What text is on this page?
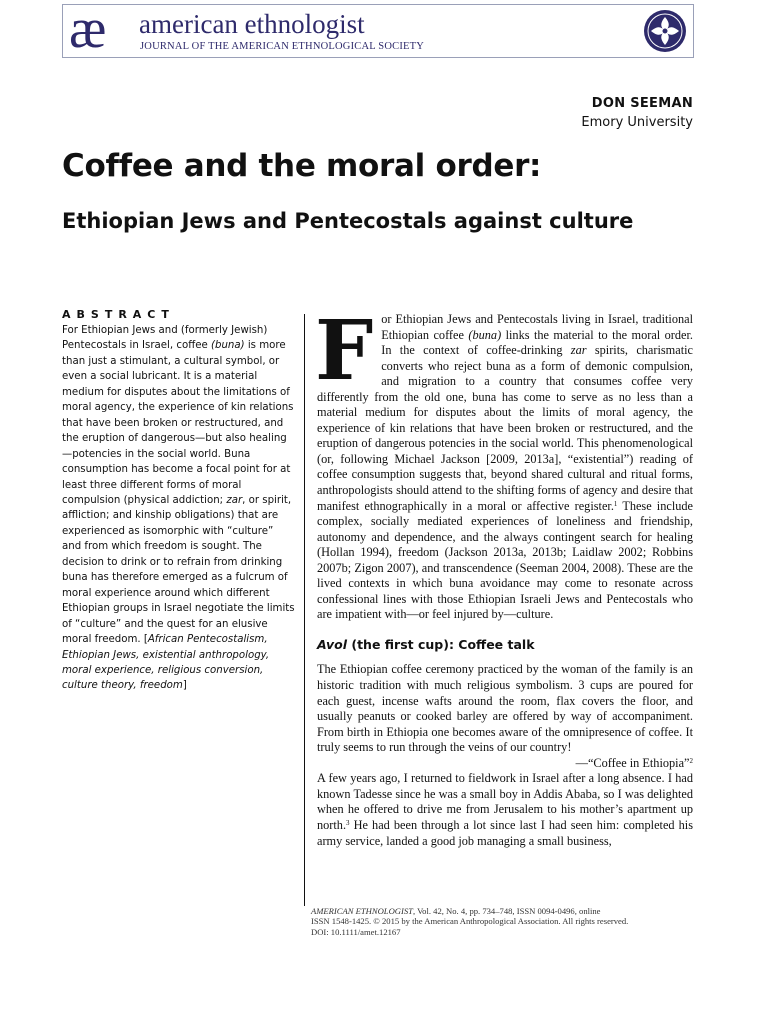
æ american ethnologist
JOURNAL OF THE AMERICAN ETHNOLOGICAL SOCIETY
DON SEEMAN
Emory University
Coffee and the moral order:
Ethiopian Jews and Pentecostals against culture
ABSTRACT

For Ethiopian Jews and (formerly Jewish) Pentecostals in Israel, coffee (buna) is more than just a stimulant, a cultural symbol, or even a social lubricant. It is a material medium for disputes about the limitations of moral agency, the experience of kin relations that have been broken or restructured, and the eruption of dangerous—but also healing—potencies in the social world. Buna consumption has become a focal point for at least three different forms of moral compulsion (physical addiction; zar, or spirit, affliction; and kinship obligations) that are experienced as isomorphic with “culture” and from which freedom is sought. The decision to drink or to refrain from drinking buna has therefore emerged as a fulcrum of moral experience around which different Ethiopian groups in Israel negotiate the limits of “culture” and the quest for an elusive moral freedom. [African Pentecostalism, Ethiopian Jews, existential anthropology, moral experience, religious conversion, culture theory, freedom]

For Ethiopian Jews and Pentecostals living in Israel, traditional Ethiopian coffee (buna) links the material to the moral order. In the context of coffee-drinking zar spirits, charismatic converts who reject buna as a form of demonic compulsion, and migration to a country that consumes coffee very differently from the old one, buna has come to serve as no less than a material medium for disputes about the limits of moral agency, the experience of kin relations that have been broken or restructured, and the eruption of dangerous potencies in the social world. This phenomenological (or, following Michael Jackson [2009, 2013a], “existential”) reading of coffee consumption suggests that, beyond shared cultural and ritual forms, anthropologists should attend to the shifting forms of agency and desire that manifest ethnographically in a moral or affective register.$^1$ These include complex, socially mediated experiences of loneliness and friendship, autonomy and dependence, and the always contingent search for healing (Hollan 1994), freedom (Jackson 2013a, 2013b; Laidlaw 2002; Robbins 2007b; Zigon 2007), and transcendence (Seeman 2004, 2008). These are the lived contexts in which buna avoidance may come to resonate across confessional lines with those Ethiopian Israeli Jews and Pentecostals who are impatient with—or feel injured by—culture.

Avol (the first cup): Coffee talk

The Ethiopian coffee ceremony practiced by the woman of the family is an historic tradition with much religious symbolism. 3 cups are poured for each guest, incense wafts around the room, flax covers the floor, and usually peanuts or cooked barley are offered by way of accompaniment. From birth in Ethiopia one becomes aware of the omnipresence of coffee. It truly seems to run through the veins of our country!

—“Coffee in Ethiopia”$^2$

A few years ago, I returned to fieldwork in Israel after a long absence. I had known Tadesse since he was a small boy in Addis Ababa, so I was delighted when he offered to drive me from Jerusalem to his mother’s apartment up north.$^3$ He had been through a lot since last I had seen him: completed his army service, landed a good job managing a small business,

AMERICAN ETHNOLOGIST, Vol. 42, No. 4, pp. 734–748, ISSN 0094-0496, online
ISSN 1548-1425. © 2015 by the American Anthropological Association. All rights reserved.
DOI: 10.1111/amet.12167
